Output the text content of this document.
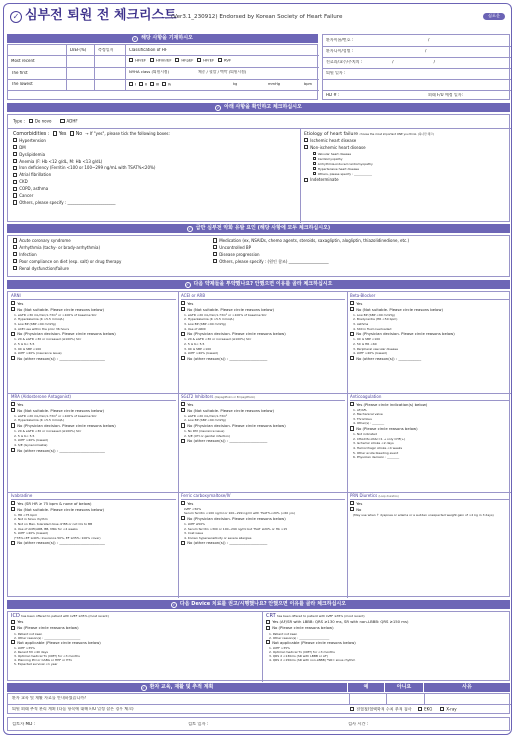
✓ 심부전 퇴원 전 체크리스트
(Ver3.1_230912) Endorsed by Korean Society of Heart Failure	심포운
✓ 해당 사항을 기재하시오
LVEF(%)	측정일자	Classification of HF
Most recent
The first
The lowest
HFrEF	HFimrEF	HFpEF	HFrEF	RVF
NYHA class (퇴원시점)	체중 / 혈압 / 맥박 (퇴원시점)
I II III IV	kg	mmHg	bpm
환자이름/번호 :	/
환자나이/성별 :	/
진료과/교수/주치의 :	/	/
퇴원 일자 :
HD # :	외래 F/U 예정 일자:
✓ 아래 사항을 확인하고 체크하십시오
Type :	De novo	ADHF
Comorbidities : Yes No → If "yes", please tick the following boxes:
Hypertension
DM
Dyslipidemia
Anemia (F: Hb <12 g/dL, M: Hb <13 g/dL)
Iron deficiency (Ferritin <100 or 100~299 ng/mL with TSAT%<20%)
Atrial fibrillation
CKD
COPD, asthma
Cancer
Others, please specify : ________________________
Etiology of heart failure choose the most important ONE you think. (하나만 체크)
Ischemic heart disease
Non-ischemic heart disease
Valvular heart disease
Cardiomyopathy
Arrhythmia-induced cardiomyopathy
Hypertensive heart disease
Others, please specify : ____________
Indeterminate
✓ 급만 심부전 악화 유발 요인 (해당 사항에 모두 체크하십시오)
Acute coronary syndrome
Arrhythmia (tachy- or brady-arrhythmia)
Infection
Poor compliance on diet (esp. salt) or drug therapy
Renal dysfunction/failure
Medication (ex, NSAIDs, chemo agents, steroids, saxagliptin, alogliptin, thiazolidinedione, etc.)
Uncontrolled BP
Disease progression
Others, please specify : (원인 참조) ____________________
✓ 다음 약제들을 투약했나요? 안했으면 이유를 골라 체크하십시오
ARNI
Yes
No (Not suitable. Please circle reasons below)
1. eGFR <30 mL/min/1.73m² or >100% of baseline SCr
2. Hyperkalemia (K >5.5 mmol/L)
3. Low BP (SBP <90 mmHg)
4. ACEI use within the prior 36 hours
No (Physician decision. Please circle reasons below)
1. 20 & eGFR <30 or increased (≥100%) SCr
2. 5 ≤ K< 5.5
3. 90 ≤ SBP <100
4. LVEF >40% (insurance issue)
No (other reason(s)) : ________________________
ACEI or ARB
Yes
No (Not suitable. Please circle reasons below)
1. eGFR <20 mL/min/1.73m² or >100% of baseline SCr
2. Hyperkalemia (K >5.5 mmol/L)
3. Low BP (SBP <90 mmHg)
4. Use of ARNI
No (Physician decision. Please circle reasons below)
1. 20 & eGFR <30 or increased (≥100%) SCr
2. 5 ≤ K< 5.5
3. 90 ≤ SBP <100
4. LVEF >40% (lowest)
No (other reason(s)) : ____________________
Beta-Blocker
Yes
No (Not suitable. Please circle reasons below)
1. Low BP (SBP <90 mmHg)
2. Bradycardia (HR <50 bpm)
3. Asthma
4. Still in fluid overloaded
No (Physician decision. Please circle reasons below)
1. 90 ≤ SBP <100
2. 50 ≤ HR <60
3. Peripheral vascular disease
4. LVEF >40% (lowest)
No (other reason(s)) : ____________
MRA (Aldosterone Antagonist)
Yes
No (Not suitable. Please circle reasons below)
1. eGFR <20 mL/min/1.73m² or >100% of baseline SCr
2. Hyperkalemia (K >5.5 mmol/L)
No (Physician decision. Please circle reasons below)
1. 20 & eGFR <30 or increased (≥100%) SCr
2. 5 ≤ K< 5.5
3. LVEF >40% (lowest)
4. S/E (Gynecomastia)
No (other reason(s)) : ________________________
SGLT2 Inhibitors (Dapagliflozin or Empagliflozin)
Yes
No (Not suitable. Please circle reasons below)
1. eGFR <20 mL/min/1.73m²
2. Low BP (SBP <90 mmHg)
No (Physician decision. Please circle reasons below)
1. No DM (insurance issue)
2. S/E (UTI or genital infection)
No (other reason(s)) : ____________________
Anticoagulation
Yes (Please circle indication(s) below)
1. AF/AFL
2. Mechanical valve
3. Thrombus
4. Other(s) : ________
No (Please circle reasons below)
1. Not indicated
2. CHA₂DS₂-VASc=1 → only CHF(+)
3. Ischemic stroke <2 days
4. Hemorrhagic stroke <4 weeks
5. Other acute bleeding event
6. Physician decision : ________
Ivabradine
Yes (SR HR ≥ 75 bpm & none of below)
No (Not suitable. Please circle reasons below)
1. HR <75 bpm
2. Not in Sinus rhythm
3. Not on Max. tolerated dose of BB or not CIx to BB
4. Use of ACEI/ARB, BB, MRA for <4 weeks
5. LVEF >40% (lowest)
(*35%<EF ≤40%: Insurance 50%, EF ≤35%: 100% cover)
No (other reason(s)) : ________________________
Ferric carboxymaltose/IV
Yes
LVEF <50%
Serum ferritin <100 ng/ml or 100~299 ng/ml with TSAT%<20% (<60 yrs)
No (Physician decision. Please circle reasons below)
1. LVEF ≥50%
2. Serum ferritin >300 or 100~299 ng/ml but TSAT ≥20% or Hb >15
3. Cost issue
4. Known hypersensitivity or severe allergies
No (other reason(s)) : ____________________
PRN Diuretics (Loop diuretics)
Yes
No
(May use when ↑ dyspnea or edema or a sudden unexpected weight gain of >2 kg in 3 days)
✓ 다음 Device 치료를 권고/시행했나요? 안했으면 이유를 골라 체크하십시오
ICD has been offered to patient with LVEF ≤35% (most recent)
Yes
No (Please circle reasons below)
1. Patient not keen
2. Other reason(s) : ________________________
Not applicable (Please circle reasons below)
1. LVEF >35%
2. Recent MI <40 days
3. Optimal medical Tx (OMT) for <3 months
4. Planning PCI or CABG or HHF or HTx
5. Expected survival <1 year
CRT has been offered to patient with LVEF ≤35% (most recent)
Yes (AF/SR with LBBB: QRS ≥130 ms, SR with non-LBBB: QRS ≥150 ms)
No (Please circle reasons below)
1. Patient not keen
2. Other reason(s) : ____________________
Not applicable (Please circle reasons below)
1. LVEF >35%
2. Optimal medical Tx (OMT) for <3 months
3. QRS d <130ms (SR with LBBB or AF)
4. QRS d <150ms (SR with non-LBBB) *SR= sinus rhythm
✓ 환자 교육, 재활 및 추적 계획	예	아니요	사유
환자 교육 및 재활 자료를 안내하였습니까?
퇴원 외래 추적 관리 계획 (다음 항목에 대해 F/U 일정 잡은 경우 체크)	전혈청/혈액학적 수치 추적 검사	EKG	X-ray
검토자 MD :	검토 일자 :	검사 시간 :
